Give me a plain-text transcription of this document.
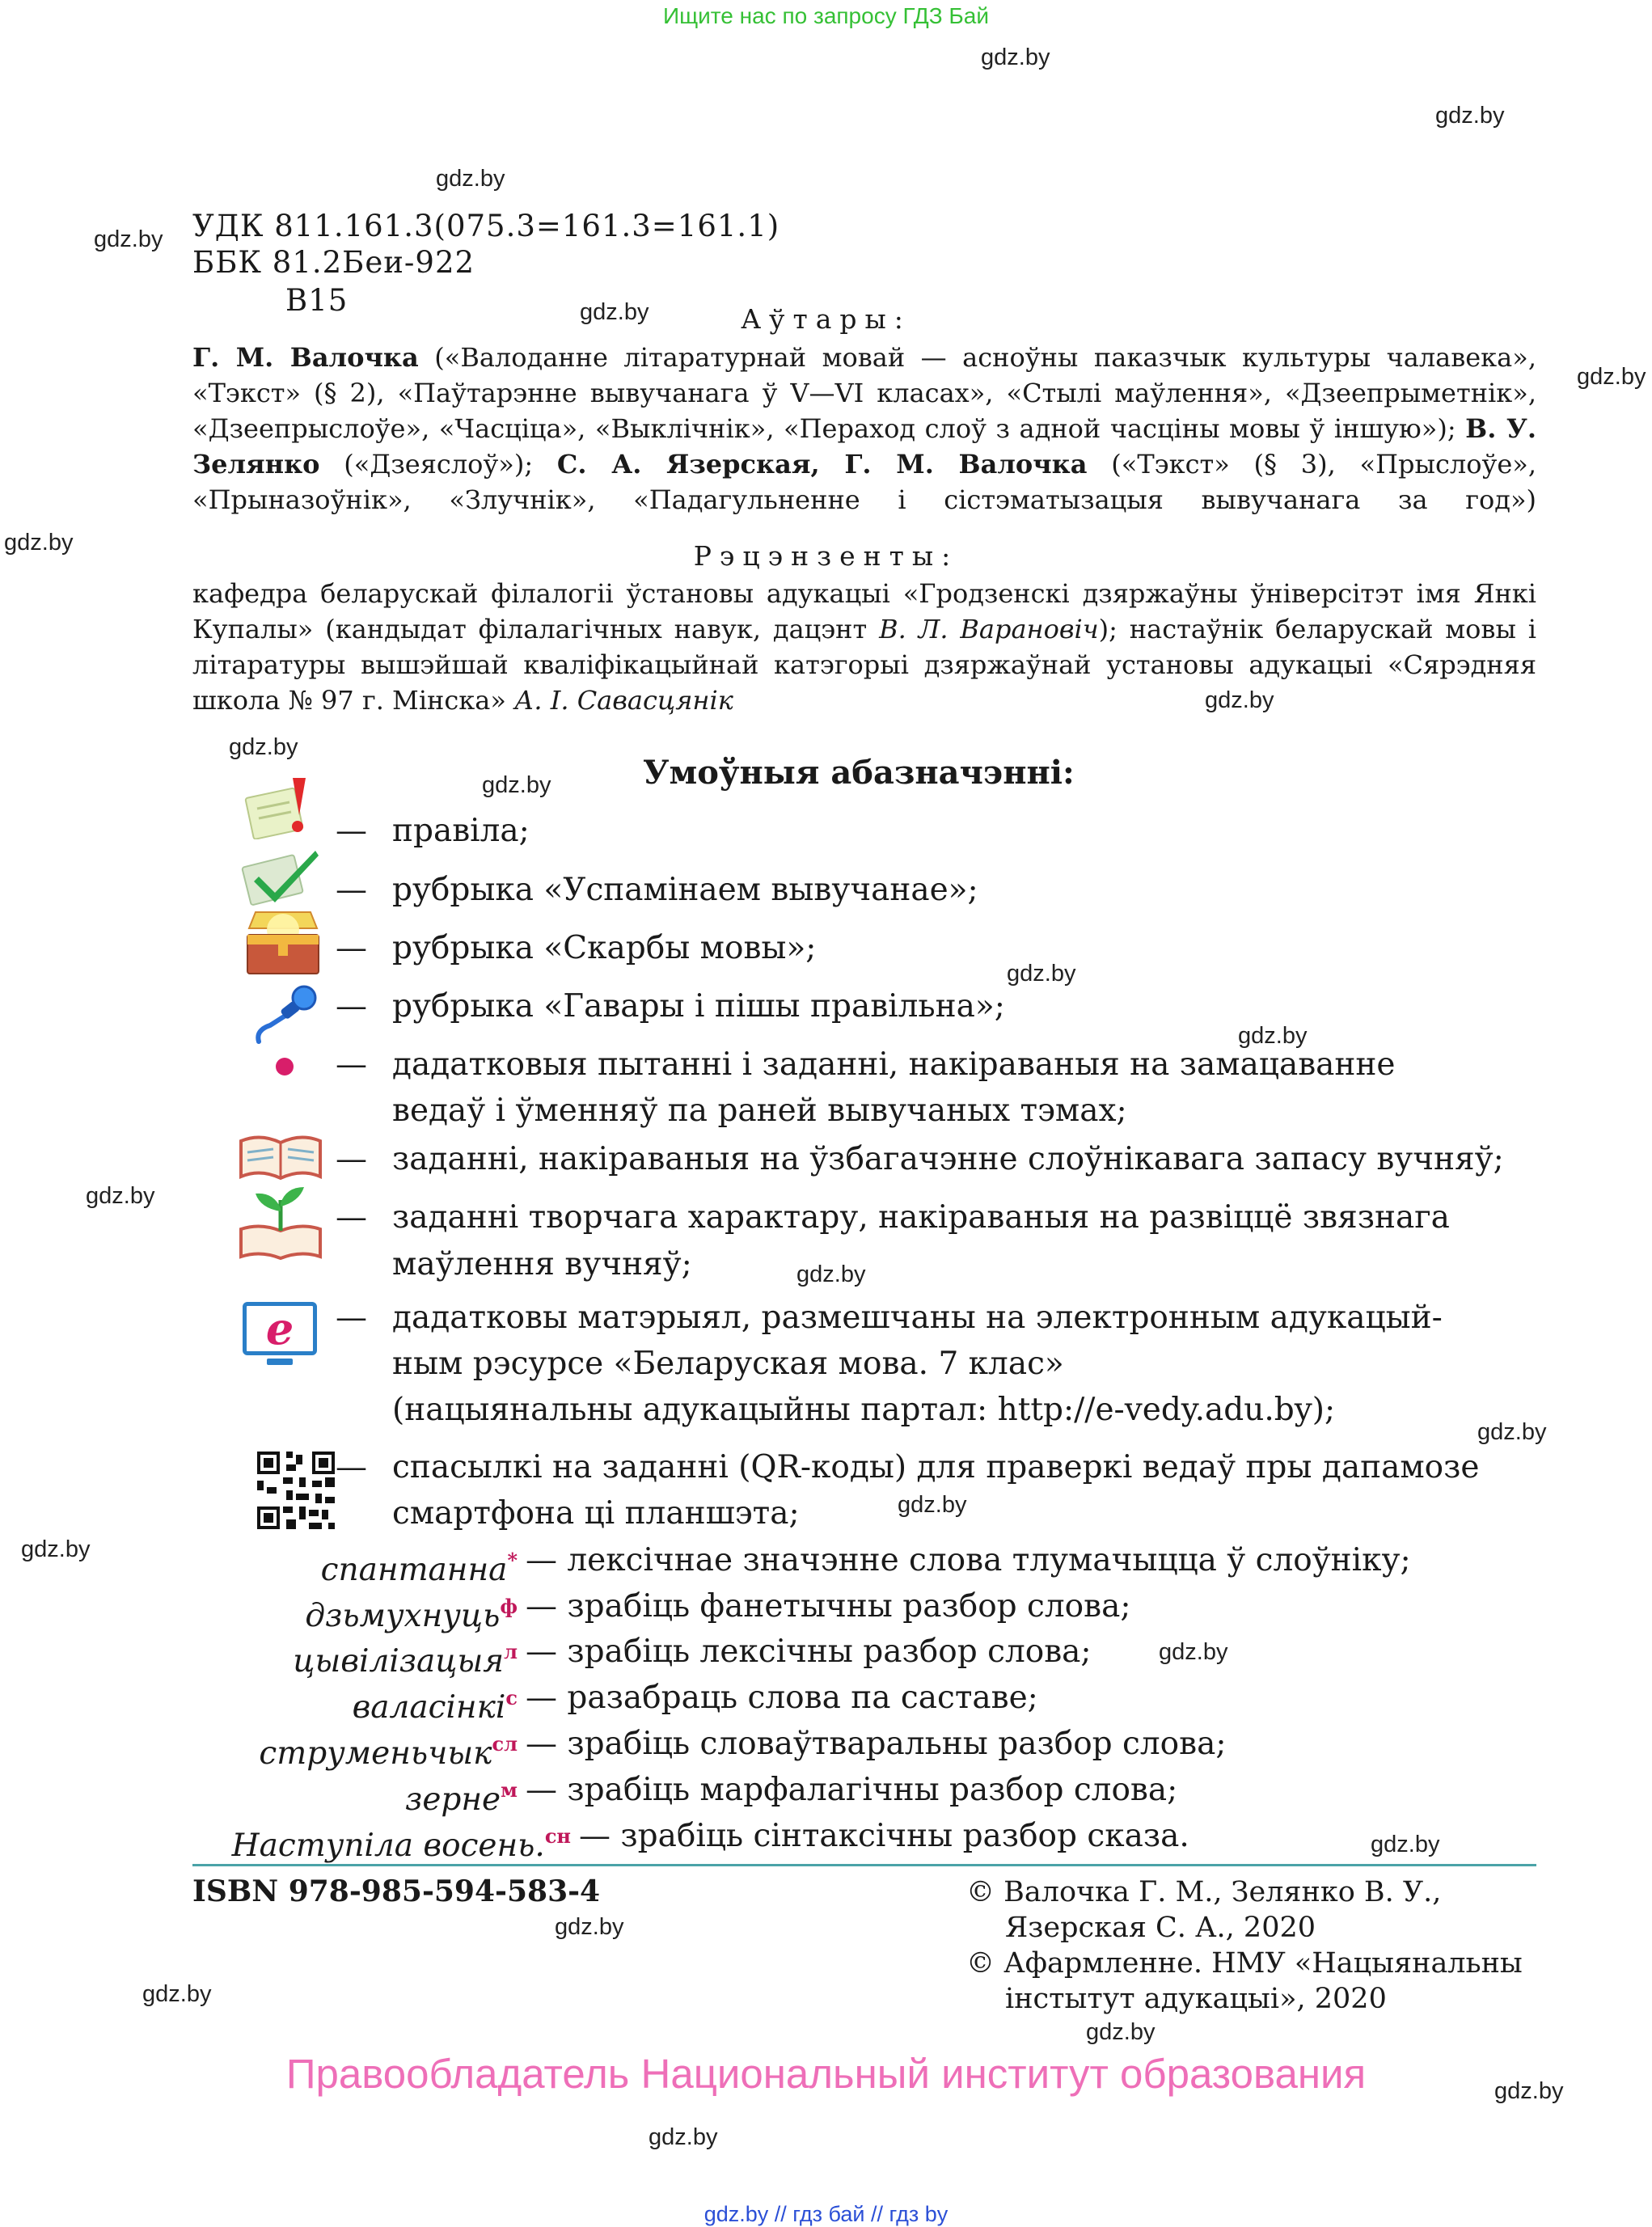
Ищите нас по запросу ГДЗ Бай
gdz.by
gdz.by
gdz.by
gdz.by
gdz.by
gdz.by
gdz.by
gdz.by
gdz.by
gdz.by
gdz.by
gdz.by
gdz.by
gdz.by
gdz.by
gdz.by
gdz.by
gdz.by
gdz.by
gdz.by
gdz.by
gdz.by
gdz.by
gdz.by
УДК 811.161.3(075.3=161.3=161.1)
ББК 81.2Беи-922
В15
Аўтары:
Г. М. Валочка («Валоданне літаратурнай мовай — асноўны паказчык культуры чалавека», «Тэкст» (§ 2), «Паўтарэнне вывучанага ў V—VI класах», «Стылі маўлення», «Дзеепрыметнік», «Дзеепрыслоўе», «Часціца», «Выклічнік», «Пераход слоў з адной часціны мовы ў іншую»); В. У. Зелянко («Дзеяслоў»); С. А. Язерская, Г. М. Валочка («Тэкст» (§ 3), «Прыслоўе», «Прыназоўнік», «Злучнік», «Падагульненне і сістэматызацыя вывучанага за год»)
Рэцэнзенты:
кафедра беларускай філалогіі ўстановы адукацыі «Гродзенскі дзяржаўны ўніверсітэт імя Янкі Купалы» (кандыдат філалагічных навук, дацэнт В. Л. Варановіч); настаўнік беларускай мовы і літаратуры вышэйшай кваліфікацыйнай катэгорыі дзяржаўнай установы адукацыі «Сярэдняя школа № 97 г. Мінска» А. І. Савасцянік
Умоўныя абазначэнні:
— правіла;
— рубрыка «Успамінаем вывучанае»;
— рубрыка «Скарбы мовы»;
— рубрыка «Гавары і пішы правільна»;
— дадатковыя пытанні і заданні, накіраваныя на замацаванне
ведаў і ўменняў па раней вывучаных тэмах;
— заданні, накіраваныя на ўзбагачэнне слоўнікавага запасу вучняў;
— заданні творчага характару, накіраваныя на развіццё звязнага
маўлення вучняў;
e	— дадатковы матэрыял, размешчаны на электронным адукацый-
ным рэсурсе «Беларуская мова. 7 клас»
(нацыянальны адукацыйны партал: http://e-vedy.adu.by);
— спасылкі на заданні (QR-коды) для праверкі ведаў пры дапамозе
смартфона ці планшэта;
спантанна* — лексічнае значэнне слова тлумачыцца ў слоўніку;
дзьмухнуць$^ф$ — зрабіць фанетычны разбор слова;
цывілізацыя$^л$ — зрабіць лексічны разбор слова;
валасінкі$^с$ — разабраць слова па саставе;
струменьчык$^{сл}$ — зрабіць словаўтваральны разбор слова;
зерне$^м$ — зрабіць марфалагічны разбор слова;
Наступіла восень.$^{сн}$ — зрабіць сінтаксічны разбор сказа.
ISBN 978-985-594-583-4	© Валочка Г. М., Зелянко В. У.,
Язерская С. А., 2020
© Афармленне. НМУ «Нацыянальны
інстытут адукацыі», 2020
Правообладатель Национальный институт образования
gdz.by // гдз бай // гдз by
